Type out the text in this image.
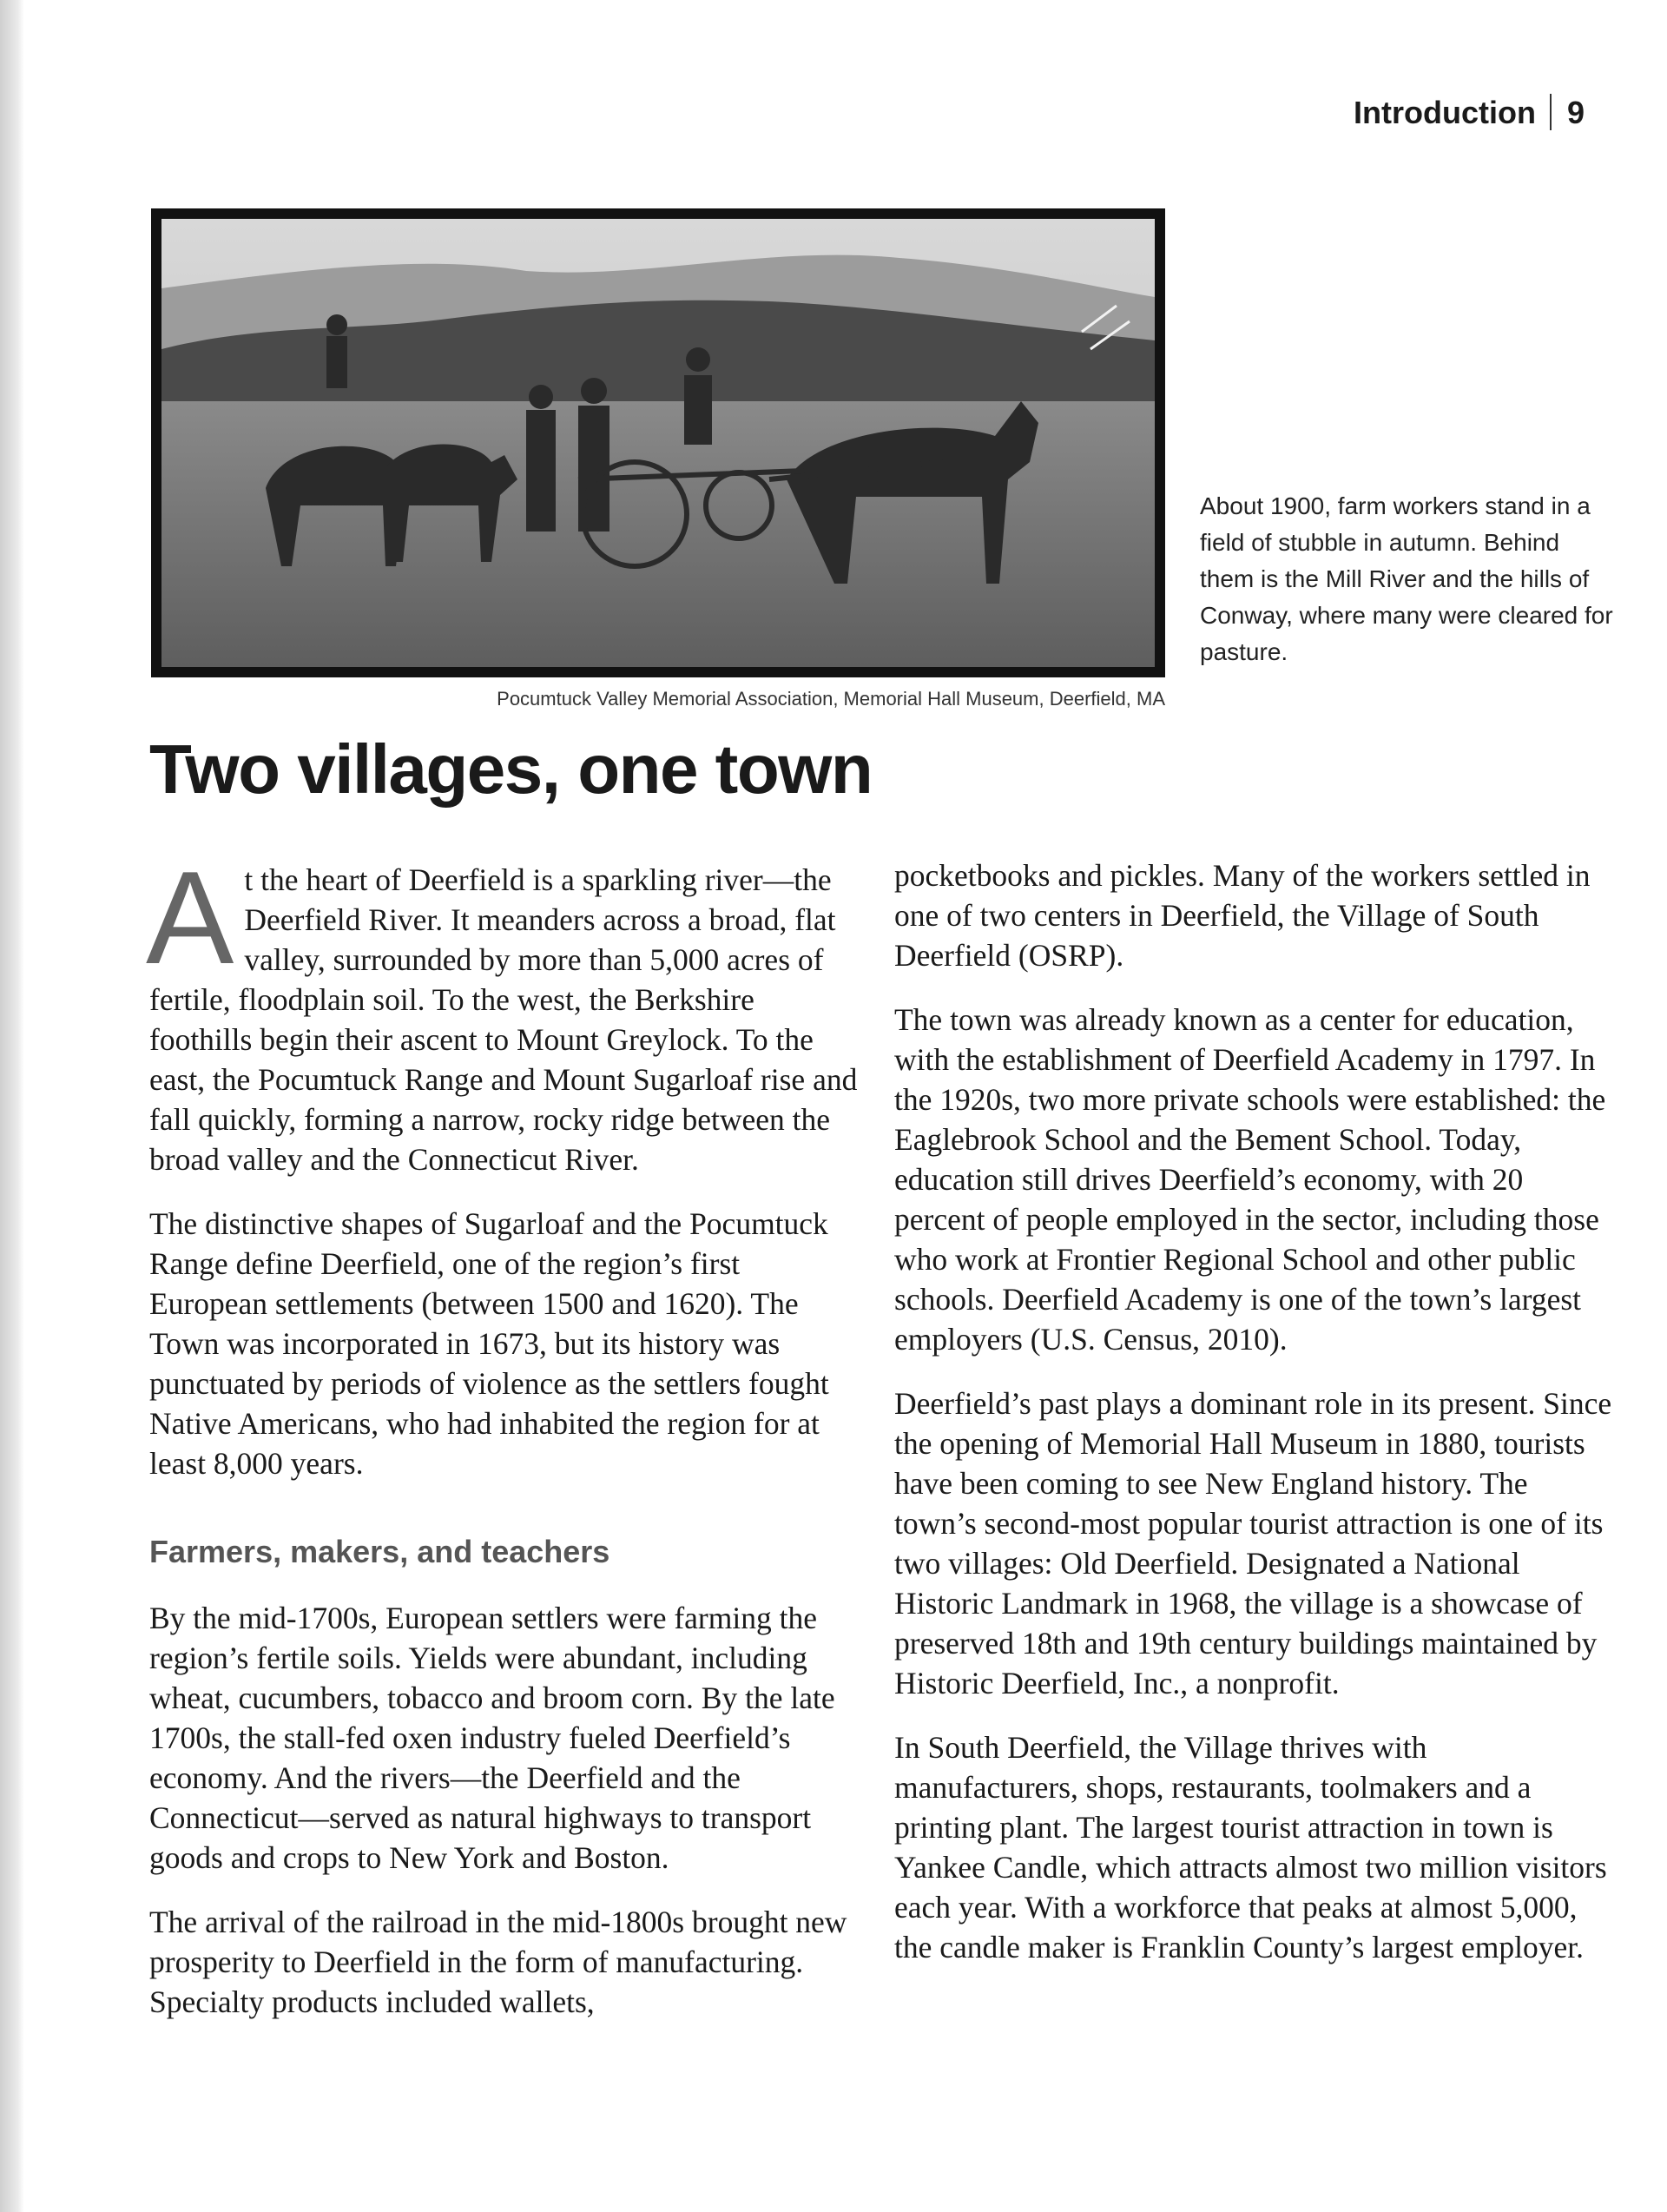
Introduction 9
Pocumtuck Valley Memorial Association, Memorial Hall Museum, Deerfield, MA
About 1900, farm workers stand in a field of stubble in autumn. Behind them is the Mill River and the hills of Conway, where many were cleared for pasture.
Two villages, one town

At the heart of Deerfield is a sparkling river—the Deerfield River. It meanders across a broad, flat valley, surrounded by more than 5,000 acres of fertile, floodplain soil. To the west, the Berkshire foothills begin their ascent to Mount Greylock. To the east, the Pocumtuck Range and Mount Sugarloaf rise and fall quickly, forming a narrow, rocky ridge between the broad valley and the Connecticut River.

The distinctive shapes of Sugarloaf and the Pocumtuck Range define Deerfield, one of the region’s first European settlements (between 1500 and 1620). The Town was incorporated in 1673, but its history was punctuated by periods of violence as the settlers fought Native Americans, who had inhabited the region for at least 8,000 years.

Farmers, makers, and teachers

By the mid-1700s, European settlers were farming the region’s fertile soils. Yields were abundant, including wheat, cucumbers, tobacco and broom corn. By the late 1700s, the stall-fed oxen industry fueled Deerfield’s economy. And the rivers—the Deerfield and the Connecticut—served as natural highways to transport goods and crops to New York and Boston.

The arrival of the railroad in the mid-1800s brought new prosperity to Deerfield in the form of manufacturing. Specialty products included wallets,

pocketbooks and pickles. Many of the workers settled in one of two centers in Deerfield, the Village of South Deerfield (OSRP).

The town was already known as a center for education, with the establishment of Deerfield Academy in 1797. In the 1920s, two more private schools were established: the Eaglebrook School and the Bement School. Today, education still drives Deerfield’s economy, with 20 percent of people employed in the sector, including those who work at Frontier Regional School and other public schools. Deerfield Academy is one of the town’s largest employers (U.S. Census, 2010).

Deerfield’s past plays a dominant role in its present. Since the opening of Memorial Hall Museum in 1880, tourists have been coming to see New England history. The town’s second-most popular tourist attraction is one of its two villages: Old Deerfield. Designated a National Historic Landmark in 1968, the village is a showcase of preserved 18th and 19th century buildings maintained by Historic Deerfield, Inc., a nonprofit.

In South Deerfield, the Village thrives with manufacturers, shops, restaurants, toolmakers and a printing plant. The largest tourist attraction in town is Yankee Candle, which attracts almost two million visitors each year. With a workforce that peaks at almost 5,000, the candle maker is Franklin County’s largest employer.
